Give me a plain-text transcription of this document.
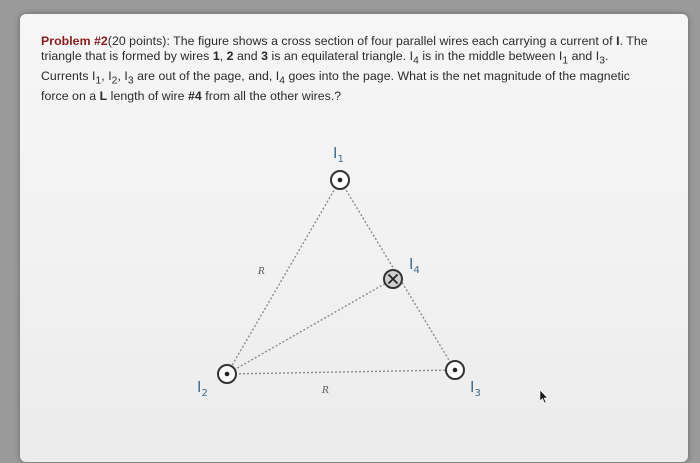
Problem #2(20 points): The figure shows a cross section of four parallel wires each carrying a current of I. The triangle that is formed by wires 1, 2 and 3 is an equilateral triangle. $I_4$ is in the middle between $I_1$ and $I_3$. Currents $I_1$, $I_2$, $I_3$ are out of the page, and, $I_4$ goes into the page. What is the net magnitude of the magnetic force on a L length of wire #4 from all the other wires.?
$I_1$
$I_2$	$I_3$
$I_4$
R
R
